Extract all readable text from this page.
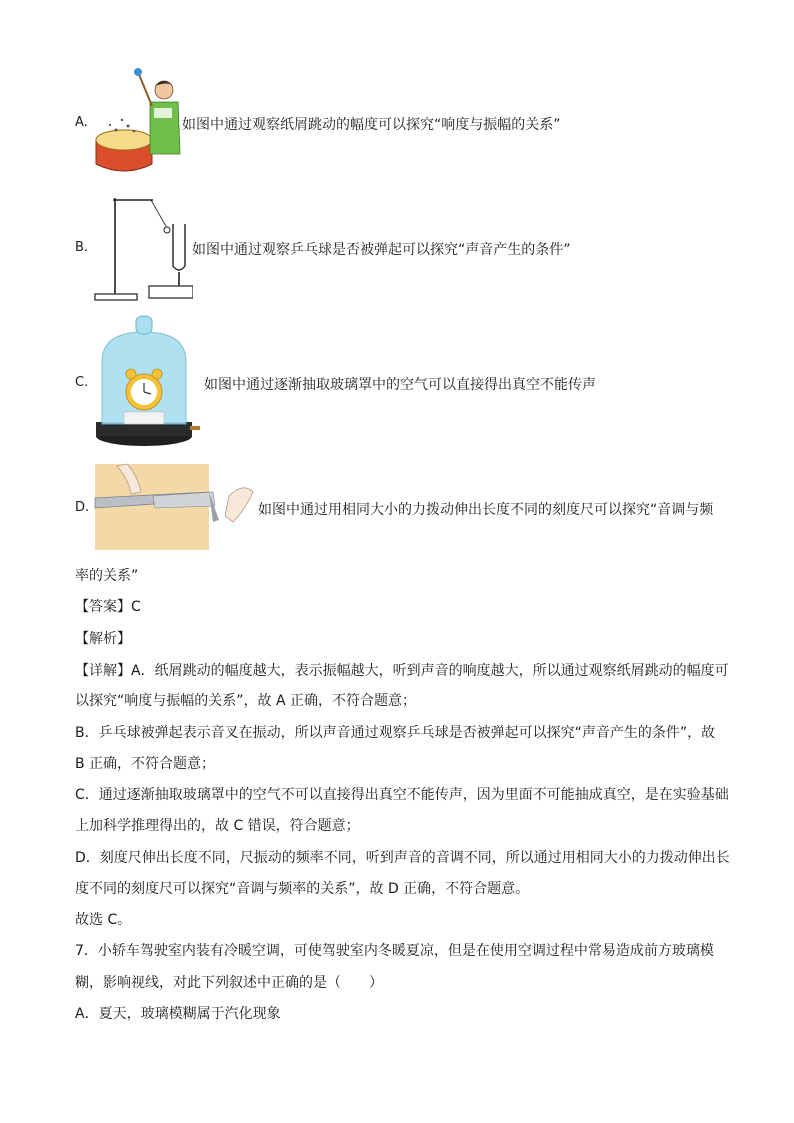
A.	如图中通过观察纸屑跳动的幅度可以探究“响度与振幅的关系”
B.	如图中通过观察乒乓球是否被弹起可以探究“声音产生的条件”
C.	如图中通过逐渐抽取玻璃罩中的空气可以直接得出真空不能传声
D.	如图中通过用相同大小的力拨动伸出长度不同的刻度尺可以探究“音调与频
率的关系”
【答案】C
【解析】
【详解】A．纸屑跳动的幅度越大，表示振幅越大，听到声音的响度越大，所以通过观察纸屑跳动的幅度可
以探究“响度与振幅的关系”，故 A 正确，不符合题意；
B．乒乓球被弹起表示音叉在振动，所以声音通过观察乒乓球是否被弹起可以探究“声音产生的条件”，故
B 正确，不符合题意；
C．通过逐渐抽取玻璃罩中的空气不可以直接得出真空不能传声，因为里面不可能抽成真空，是在实验基础
上加科学推理得出的，故 C 错误，符合题意；
D．刻度尺伸出长度不同，尺振动的频率不同，听到声音的音调不同，所以通过用相同大小的力拨动伸出长
度不同的刻度尺可以探究“音调与频率的关系”，故 D 正确，不符合题意。
故选 C。
7．小轿车驾驶室内装有冷暖空调，可使驾驶室内冬暖夏凉，但是在使用空调过程中常易造成前方玻璃模
糊，影响视线，对此下列叙述中正确的是（　　）
A．夏天，玻璃模糊属于汽化现象
